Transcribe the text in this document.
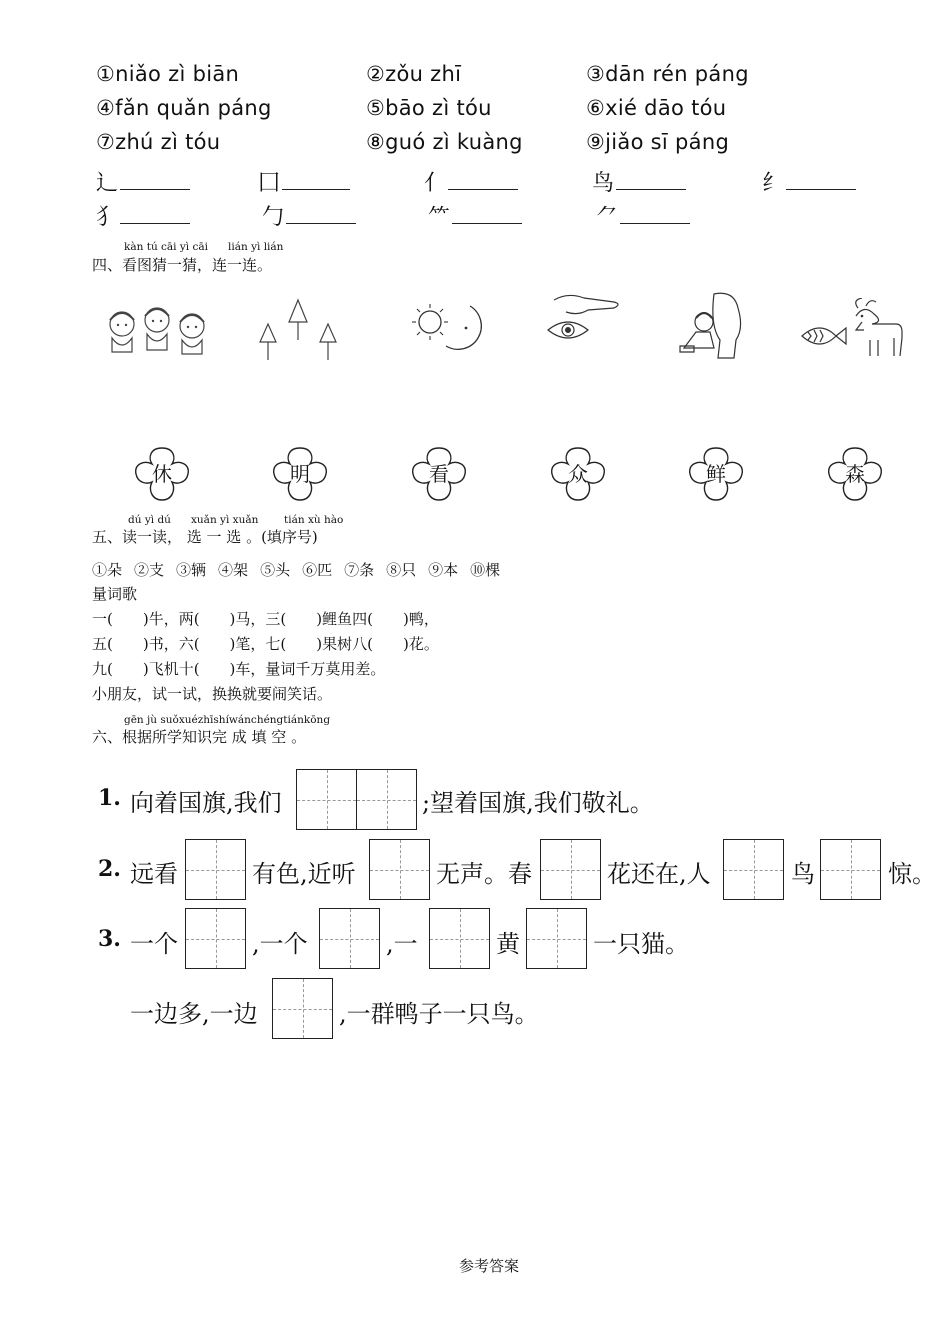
①niǎo zì biān	②zǒu zhī	③dān rén páng
④fǎn quǎn páng	⑤bāo zì tóu	⑥xié dāo tóu
⑦zhú zì tóu	⑧guó zì kuàng	⑨jiǎo sī páng
辶	囗	亻	鸟	纟
犭	勹	⺮	⺈
kàn tú cāi yì cāi lián yì lián
四、看图猜一猜，连一连。
休	明	看	众	鲜	森
dú yì dú xuǎn yì xuǎn tián xù hào
五、读一读， 选 一 选 。(填序号)
①朵 ②支 ③辆 ④架 ⑤头 ⑥匹 ⑦条 ⑧只 ⑨本 ⑩棵
量词歌
一(　　)牛，两(　　)马，三(　　)鲤鱼四(　　)鸭，
五(　　)书，六(　　)笔，七(　　)果树八(　　)花。
九(　　)飞机十(　　)车，量词千万莫用差。
小朋友，试一试，换换就要闹笑话。
gēn jù suǒxuézhīshíwánchéngtiánkōng
六、根据所学知识完 成 填 空 。
1. 向着国旗,我们	;望着国旗,我们敬礼。
2. 远看	有色,近听	无声。春	花还在,人	鸟	惊。
3. 一个	,一个	,一	黄	一只猫。
一边多,一边	,一群鸭子一只鸟。
参考答案
